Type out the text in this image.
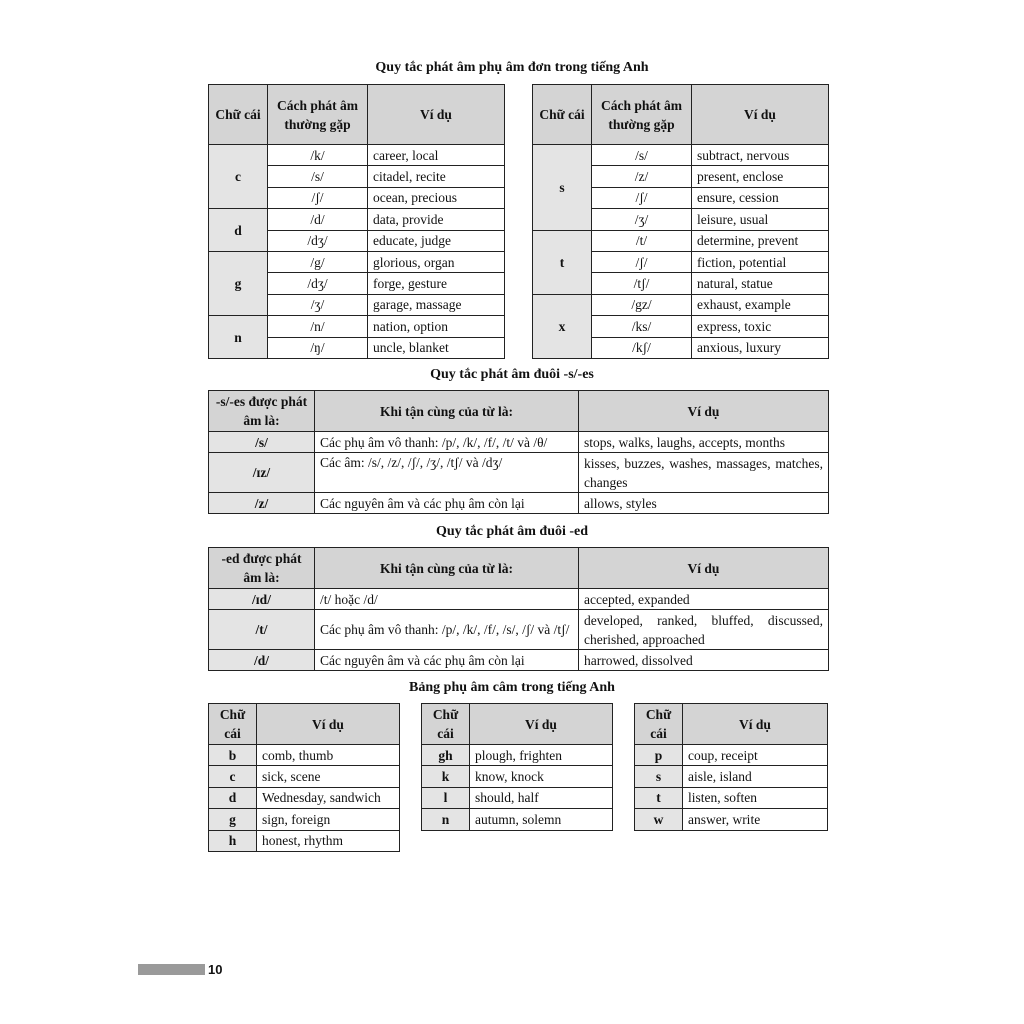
Quy tắc phát âm phụ âm đơn trong tiếng Anh
Chữ cái	Cách phát âm thường gặp	Ví dụ
c	/k/	career, local
	/s/	citadel, recite
	/ʃ/	ocean, precious
d	/d/	data, provide
	/dʒ/	educate, judge
g	/g/	glorious, organ
	/dʒ/	forge, gesture
	/ʒ/	garage, massage
n	/n/	nation, option
	/ŋ/	uncle, blanket
Chữ cái	Cách phát âm thường gặp	Ví dụ
s	/s/	subtract, nervous
	/z/	present, enclose
	/ʃ/	ensure, cession
	/ʒ/	leisure, usual
t	/t/	determine, prevent
	/ʃ/	fiction, potential
	/tʃ/	natural, statue
x	/gz/	exhaust, example
	/ks/	express, toxic
	/kʃ/	anxious, luxury
Quy tắc phát âm đuôi -s/-es
-s/-es được phát âm là:	Khi tận cùng của từ là:	Ví dụ
/s/	Các phụ âm vô thanh: /p/, /k/, /f/, /t/ và /θ/	stops, walks, laughs, accepts, months
/ɪz/	Các âm: /s/, /z/, /ʃ/, /ʒ/, /tʃ/ và /dʒ/	kisses, buzzes, washes, massages, matches, changes
/z/	Các nguyên âm và các phụ âm còn lại	allows, styles
Quy tắc phát âm đuôi -ed
-ed được phát âm là:	Khi tận cùng của từ là:	Ví dụ
/ɪd/	/t/ hoặc /d/	accepted, expanded
/t/	Các phụ âm vô thanh: /p/, /k/, /f/, /s/, /ʃ/ và /tʃ/	developed, ranked, bluffed, discussed, cherished, approached
/d/	Các nguyên âm và các phụ âm còn lại	harrowed, dissolved
Bảng phụ âm câm trong tiếng Anh
Chữ cái	Ví dụ
b	comb, thumb
c	sick, scene
d	Wednesday, sandwich
g	sign, foreign
h	honest, rhythm
Chữ cái	Ví dụ
gh	plough, frighten
k	know, knock
l	should, half
n	autumn, solemn
Chữ cái	Ví dụ
p	coup, receipt
s	aisle, island
t	listen, soften
w	answer, write
10
